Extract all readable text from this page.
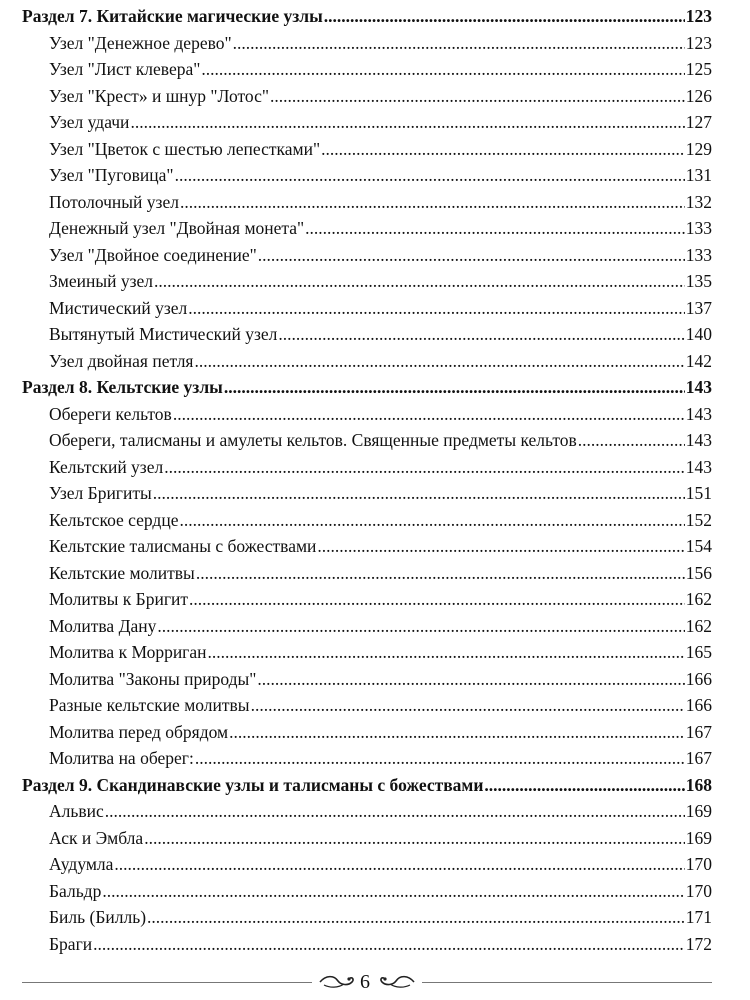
Раздел 7. Китайские магические узлы .....	123
Узел "Денежное дерево" .....	123
Узел "Лист клевера" .....	125
Узел "Крест» и шнур "Лотос" .....	126
Узел удачи .....	127
Узел "Цветок с шестью лепестками" .....	129
Узел "Пуговица" .....	131
Потолочный узел .....	132
Денежный узел "Двойная монета" .....	133
Узел "Двойное соединение" .....	133
Змеиный узел .....	135
Мистический узел .....	137
Вытянутый Мистический узел .....	140
Узел двойная петля .....	142
Раздел 8. Кельтские узлы .....	143
Обереги кельтов .....	143
Обереги, талисманы и амулеты кельтов. Священные предметы кельтов .....	143
Кельтский узел .....	143
Узел Бригиты .....	151
Кельтское сердце .....	152
Кельтские талисманы с божествами .....	154
Кельтские молитвы .....	156
Молитвы к Бригит .....	162
Молитва Дану .....	162
Молитва к Морриган .....	165
Молитва "Законы природы" .....	166
Разные кельтские молитвы .....	166
Молитва перед обрядом .....	167
Молитва на оберег: .....	167
Раздел 9. Скандинавские узлы и талисманы с божествами .....	168
Альвис .....	169
Аск и Эмбла .....	169
Аудумла .....	170
Бальдр .....	170
Биль (Билль) .....	171
Браги .....	172
6
